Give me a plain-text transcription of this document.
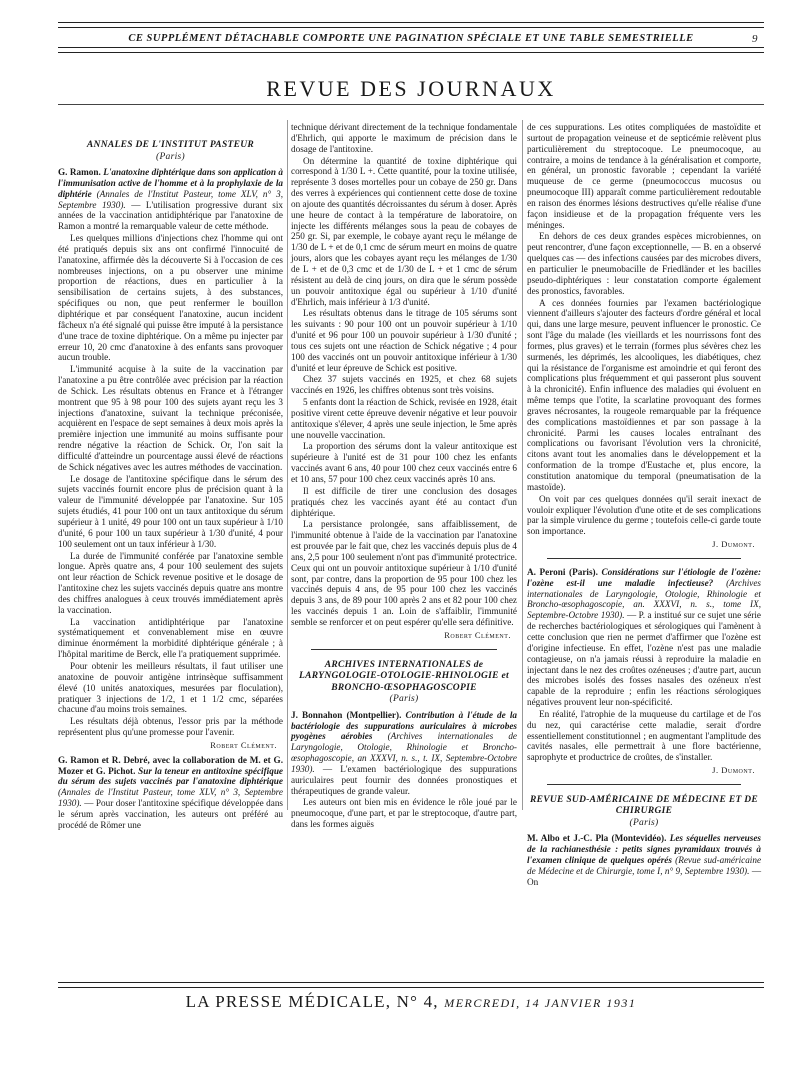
CE SUPPLÉMENT DÉTACHABLE COMPORTE UNE PAGINATION SPÉCIALE ET UNE TABLE SEMESTRIELLE	9
REVUE DES JOURNAUX
ANNALES DE L'INSTITUT PASTEUR
(Paris)

G. Ramon. L'anatoxine diphtérique dans son application à l'immunisation active de l'homme et à la prophylaxie de la diphtérie (Annales de l'Institut Pasteur, tome XLV, n° 3, Septembre 1930). — L'utilisation progressive durant six années de la vaccination antidiphtérique par l'anatoxine de Ramon a montré la remarquable valeur de cette méthode.

Les quelques millions d'injections chez l'homme qui ont été pratiqués depuis six ans ont confirmé l'innocuité de l'anatoxine, affirmée dès la découverte Si à l'occasion de ces nombreuses injections, on a pu observer une minime proportion de réactions, dues en particulier à la sensibilisation de certains sujets, à des substances, spécifiques ou non, que peut renfermer le bouillon diphtérique et par conséquent l'anatoxine, aucun incident fâcheux n'a été signalé qui puisse être imputé à la persistance d'une trace de toxine diphtérique. On a même pu injecter par erreur 10, 20 cmc d'anatoxine à des enfants sans provoquer aucun trouble.

L'immunité acquise à la suite de la vaccination par l'anatoxine a pu être contrôlée avec précision par la réaction de Schick. Les résultats obtenus en France et à l'étranger montrent que 95 à 98 pour 100 des sujets ayant reçu les 3 injections d'anatoxine, suivant la technique préconisée, acquièrent en l'espace de sept semaines à deux mois après la première injection une immunité au moins suffisante pour rendre négative la réaction de Schick. Or, l'on sait la difficulté d'atteindre un pourcentage aussi élevé de réactions de Schick négatives avec les autres méthodes de vaccination.

Le dosage de l'antitoxine spécifique dans le sérum des sujets vaccinés fournit encore plus de précision quant à la valeur de l'immunité développée par l'anatoxine. Sur 105 sujets étudiés, 41 pour 100 ont un taux antitoxique du sérum supérieur à 1 unité, 49 pour 100 ont un taux supérieur à 1/10 d'unité, 6 pour 100 un taux supérieur à 1/30 d'unité, 4 pour 100 seulement ont un taux inférieur à 1/30.

La durée de l'immunité conférée par l'anatoxine semble longue. Après quatre ans, 4 pour 100 seulement des sujets ont leur réaction de Schick revenue positive et le dosage de l'antitoxine chez les sujets vaccinés depuis quatre ans montre des chiffres analogues à ceux trouvés immédiatement après la vaccination.

La vaccination antidiphtérique par l'anatoxine systématiquement et convenablement mise en œuvre diminue énormément la morbidité diphtérique générale ; à l'hôpital maritime de Berck, elle l'a pratiquement supprimée.

Pour obtenir les meilleurs résultats, il faut utiliser une anatoxine de pouvoir antigène intrinsèque suffisamment élevé (10 unités anatoxiques, mesurées par floculation), pratiquer 3 injections de 1/2, 1 et 1 1/2 cmc, séparées chacune d'au moins trois semaines.

Les résultats déjà obtenus, l'essor pris par la méthode représentent plus qu'une promesse pour l'avenir.

Robert Clément.

G. Ramon et R. Debré, avec la collaboration de M. et G. Mozer et G. Pichot. Sur la teneur en antitoxine spécifique du sérum des sujets vaccinés par l'anatoxine diphtérique (Annales de l'Institut Pasteur, tome XLV, n° 3, Septembre 1930). — Pour doser l'antitoxine spécifique développée dans le sérum après vaccination, les auteurs ont préféré au procédé de Römer une

technique dérivant directement de la technique fondamentale d'Ehrlich, qui apporte le maximum de précision dans le dosage de l'antitoxine.

On détermine la quantité de toxine diphtérique qui correspond à 1/30 L +. Cette quantité, pour la toxine utilisée, représente 3 doses mortelles pour un cobaye de 250 gr. Dans des verres à expériences qui contiennent cette dose de toxine on ajoute des quantités décroissantes du sérum à doser. Après une heure de contact à la température de laboratoire, on injecte les différents mélanges sous la peau de cobayes de 250 gr. Si, par exemple, le cobaye ayant reçu le mélange de 1/30 de L + et de 0,1 cmc de sérum meurt en moins de quatre jours, alors que les cobayes ayant reçu les mélanges de 1/30 de L + et de 0,3 cmc et de 1/30 de L + et 1 cmc de sérum résistent au delà de cinq jours, on dira que le sérum possède un pouvoir antitoxique égal ou supérieur à 1/10 d'unité d'Ehrlich, mais inférieur à 1/3 d'unité.

Les résultats obtenus dans le titrage de 105 sérums sont les suivants : 90 pour 100 ont un pouvoir supérieur à 1/10 d'unité et 96 pour 100 un pouvoir supérieur à 1/30 d'unité ; tous ces sujets ont une réaction de Schick négative ; 4 pour 100 des vaccinés ont un pouvoir antitoxique inférieur à 1/30 d'unité et leur épreuve de Schick est positive.

Chez 37 sujets vaccinés en 1925, et chez 68 sujets vaccinés en 1926, les chiffres obtenus sont très voisins.

5 enfants dont la réaction de Schick, revisée en 1928, était positive virent cette épreuve devenir négative et leur pouvoir antitoxique s'élever, 4 après une seule injection, le 5me après une nouvelle vaccination.

La proportion des sérums dont la valeur antitoxique est supérieure à l'unité est de 31 pour 100 chez les enfants vaccinés avant 6 ans, 40 pour 100 chez ceux vaccinés entre 6 et 10 ans, 57 pour 100 chez ceux vaccinés après 10 ans.

Il est difficile de tirer une conclusion des dosages pratiqués chez les vaccinés ayant été au contact d'un diphtérique.

La persistance prolongée, sans affaiblissement, de l'immunité obtenue à l'aide de la vaccination par l'anatoxine est prouvée par le fait que, chez les vaccinés depuis plus de 4 ans, 2,5 pour 100 seulement n'ont pas d'immunité protectrice. Ceux qui ont un pouvoir antitoxique supérieur à 1/10 d'unité sont, par contre, dans la proportion de 95 pour 100 chez les vaccinés depuis 4 ans, de 95 pour 100 chez les vaccinés depuis 3 ans, de 89 pour 100 après 2 ans et 82 pour 100 chez les vaccinés depuis 1 an. Loin de s'affaiblir, l'immunité semble se renforcer et on peut espérer qu'elle sera définitive.

Robert Clément.
ARCHIVES INTERNATIONALES de LARYNGOLOGIE-OTOLOGIE-RHINOLOGIE et BRONCHO-ŒSOPHAGOSCOPIE
(Paris)

J. Bonnahon (Montpellier). Contribution à l'étude de la bactériologie des suppurations auriculaires à microbes pyogènes aérobies (Archives internationales de Laryngologie, Otologie, Rhinologie et Broncho-œsophagoscopie, an XXXVI, n. s., t. IX, Septembre-Octobre 1930). — L'examen bactériologique des suppurations auriculaires peut fournir des données pronostiques et thérapeutiques de grande valeur.

Les auteurs ont bien mis en évidence le rôle joué par le pneumocoque, d'une part, et par le streptocoque, d'autre part, dans les formes aiguës

de ces suppurations. Les otites compliquées de mastoïdite et surtout de propagation veineuse et de septicémie relèvent plus particulièrement du streptocoque. Le pneumocoque, au contraire, a moins de tendance à la généralisation et comporte, en général, un pronostic favorable ; cependant la variété muqueuse de ce germe (pneumococcus mucosus ou pneumocoque III) apparaît comme particulièrement redoutable en raison des énormes lésions destructives qu'elle réalise d'une façon insidieuse et de la propagation fréquente vers les méninges.

En dehors de ces deux grandes espèces microbiennes, on peut rencontrer, d'une façon exceptionnelle, — B. en a observé quelques cas — des infections causées par des microbes divers, en particulier le pneumobacille de Friedländer et les bacilles pseudo-diphtériques : leur constatation comporte également des pronostics, favorables.

A ces données fournies par l'examen bactériologique viennent d'ailleurs s'ajouter des facteurs d'ordre général et local qui, dans une large mesure, peuvent influencer le pronostic. Ce sont l'âge du malade (les vieillards et les nourrissons font des formes, plus graves) et le terrain (formes plus sévères chez les surmenés, les déprimés, les alcooliques, les diabétiques, chez qui la résistance de l'organisme est amoindrie et qui feront des complications plus fréquemment et qui passeront plus souvent à la chronicité). Enfin influence des maladies qui évoluent en même temps que l'otite, la scarlatine provoquant des formes graves nécrosantes, la rougeole remarquable par la fréquence des complications mastoïdiennes et par son passage à la chronicité. Parmi les causes locales entraînant des complications ou favorisant l'évolution vers la chronicité, citons avant tout les anomalies dans le développement et la conformation de la trompe d'Eustache et, plus encore, la constitution anatomique du temporal (pneumatisation de la mastoïde).

On voit par ces quelques données qu'il serait inexact de vouloir expliquer l'évolution d'une otite et de ses complications par la simple virulence du germe ; toutefois celle-ci garde toute son importance.

J. Dumont.

A. Peroni (Paris). Considérations sur l'étiologie de l'ozène: l'ozène est-il une maladie infectieuse? (Archives internationales de Laryngologie, Otologie, Rhinologie et Broncho-œsophagoscopie, an. XXXVI, n. s., tome IX, Septembre-Octobre 1930). — P. a institué sur ce sujet une série de recherches bactériologiques et sérologiques qui l'amènent à cette conclusion que rien ne permet d'affirmer que l'ozène est d'origine infectieuse. En effet, l'ozène n'est pas une maladie contagieuse, on n'a jamais réussi à reproduire la maladie en injectant dans le nez des croûtes ozéneuses ; d'autre part, aucun des microbes isolés des fosses nasales des ozéneux n'est capable de la reproduire ; enfin les réactions sérologiques négatives prouvent leur non-spécificité.

En réalité, l'atrophie de la muqueuse du cartilage et de l'os du nez, qui caractérise cette maladie, serait d'ordre essentiellement constitutionnel ; en augmentant l'amplitude des cavités nasales, elle permettrait à une flore bactérienne, saprophyte et productrice de croûtes, de s'installer.

J. Dumont.
REVUE SUD-AMÉRICAINE DE MÉDECINE ET DE CHIRURGIE
(Paris)

M. Albo et J.-C. Pla (Montevidéo). Les séquelles nerveuses de la rachianesthésie : petits signes pyramidaux trouvés à l'examen clinique de quelques opérés (Revue sud-américaine de Médecine et de Chirurgie, tome I, n° 9, Septembre 1930). — On

LA PRESSE MÉDICALE, N° 4, MERCREDI, 14 JANVIER 1931
